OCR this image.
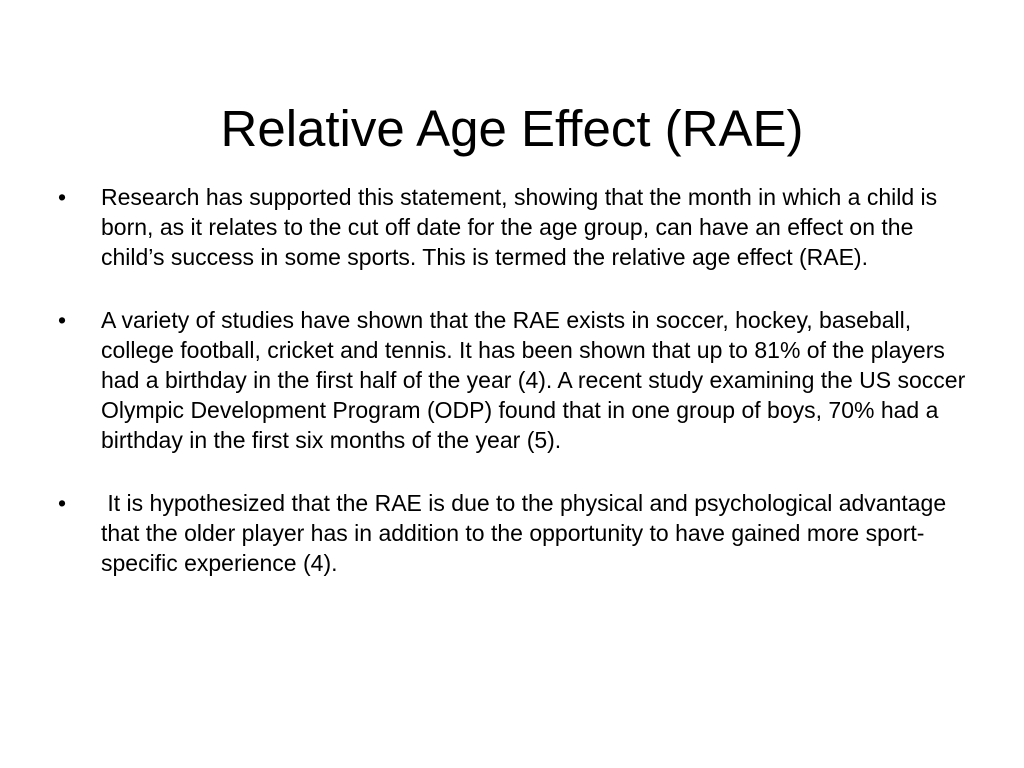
Relative Age Effect (RAE)
•	Research has supported this statement, showing that the month in which a child is born, as it relates to the cut off date for the age group, can have an effect on the child’s success in some sports. This is termed the relative age effect (RAE).
•	A variety of studies have shown that the RAE exists in soccer, hockey, baseball, college football, cricket and tennis. It has been shown that up to 81% of the players had a birthday in the first half of the year (4). A recent study examining the US soccer Olympic Development Program (ODP) found that in one group of boys, 70% had a birthday in the first six months of the year (5).
•	It is hypothesized that the RAE is due to the physical and psychological advantage that the older player has in addition to the opportunity to have gained more sport-specific experience (4).
